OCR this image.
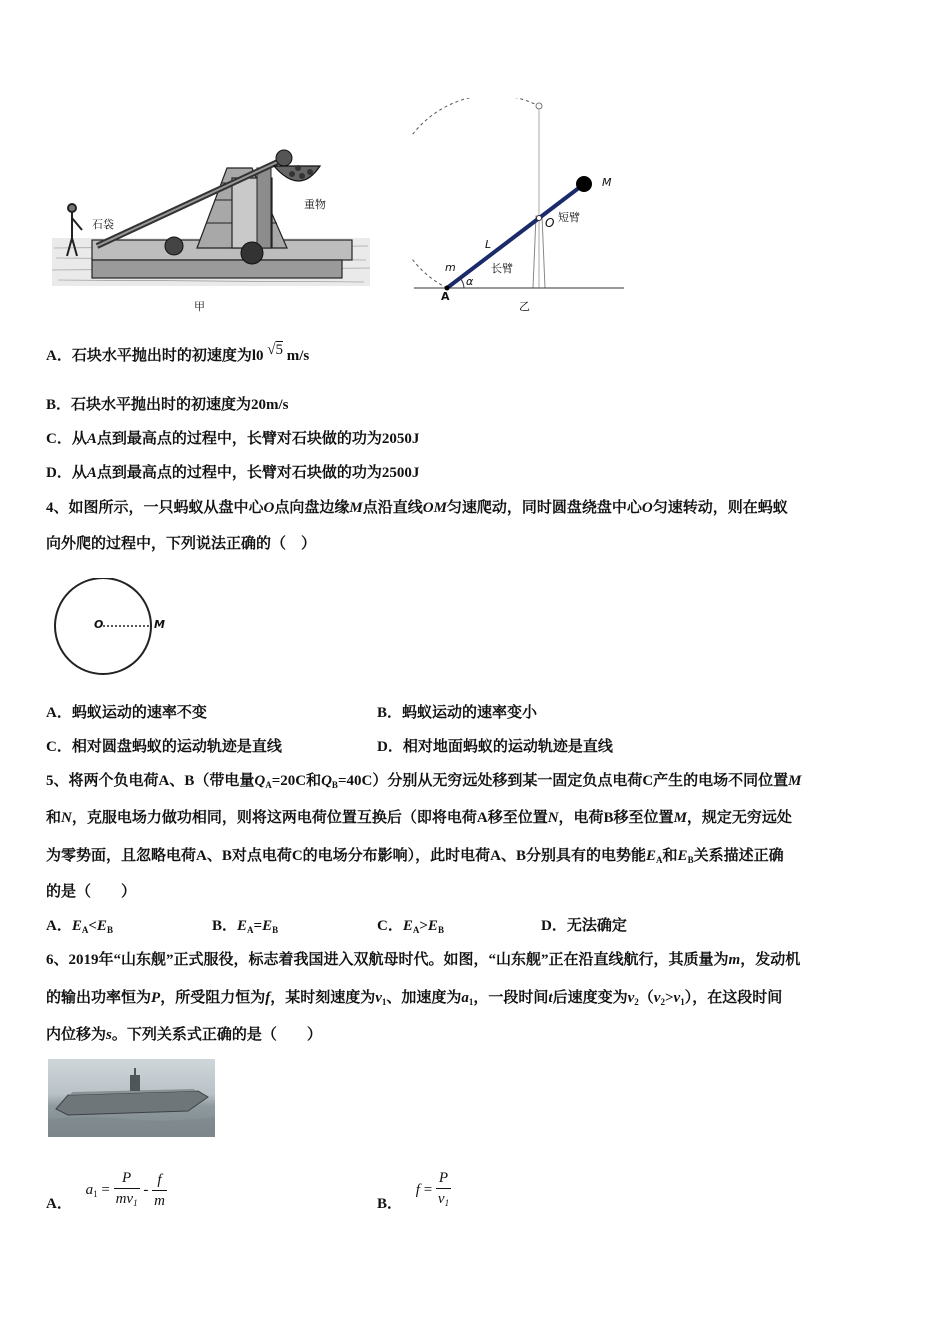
石袋
重物
甲
M
O 短臂
L
长臂
m
α
A
乙
A．石块水平抛出时的初速度为l0 √5 m/s
B．石块水平抛出时的初速度为20m/s
C．从A点到最高点的过程中，长臂对石块做的功为2050J
D．从A点到最高点的过程中，长臂对石块做的功为2500J
4、如图所示，一只蚂蚁从盘中心O点向盘边缘M点沿直线OM匀速爬动，同时圆盘绕盘中心O匀速转动，则在蚂蚁
向外爬的过程中，下列说法正确的（　）
O	M
A．蚂蚁运动的速率不变	B．蚂蚁运动的速率变小
C．相对圆盘蚂蚁的运动轨迹是直线	D．相对地面蚂蚁的运动轨迹是直线
5、将两个负电荷A、B（带电量$Q_A=20C$和$Q_B=40C$）分别从无穷远处移到某一固定负点电荷C产生的电场不同位置M
和N，克服电场力做功相同，则将这两电荷位置互换后（即将电荷A移至位置N，电荷B移至位置M，规定无穷远处
为零势面，且忽略电荷A、B对点电荷C的电场分布影响），此时电荷A、B分别具有的电势能$E_A$和$E_B$关系描述正确
的是（　　）
A．$E_A<E_B$	B．$E_A=E_B$	C．$E_A>E_B$	D．无法确定
6、2019年“山东舰”正式服役，标志着我国进入双航母时代。如图，“山东舰”正在沿直线航行，其质量为m，发动机
的输出功率恒为P，所受阻力恒为f，某时刻速度为$v_1$、加速度为$a_1$，一段时间t后速度变为$v_2(v_2>v_1)$，在这段时间
内位移为s。下列关系式正确的是（　　）
A． $a_1 = \frac{P}{mv_1} - \frac{f}{m}$	B． $f = \frac{P}{v_1}$
